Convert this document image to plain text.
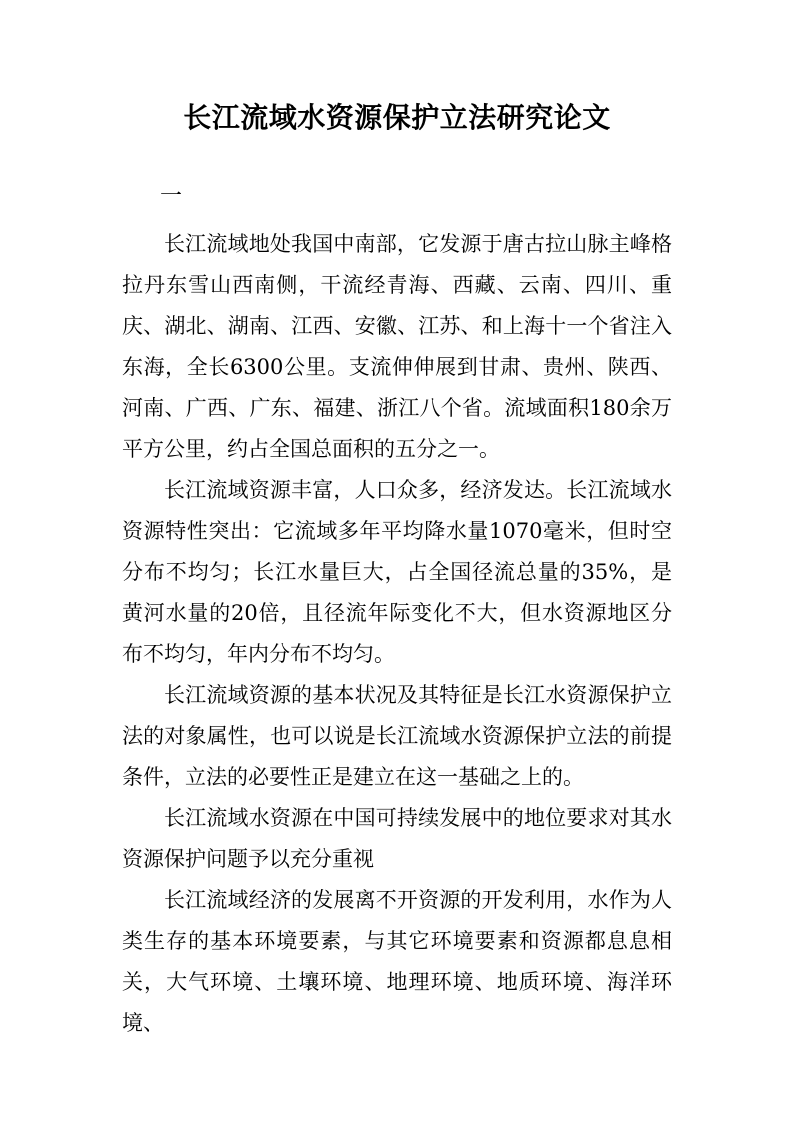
长江流域水资源保护立法研究论文
一

长江流域地处我国中南部，它发源于唐古拉山脉主峰格拉丹东雪山西南侧，干流经青海、西藏、云南、四川、重庆、湖北、湖南、江西、安徽、江苏、和上海十一个省注入东海，全长6300公里。支流伸伸展到甘肃、贵州、陕西、河南、广西、广东、福建、浙江八个省。流域面积180余万平方公里，约占全国总面积的五分之一。

长江流域资源丰富，人口众多，经济发达。长江流域水资源特性突出：它流域多年平均降水量1070毫米，但时空分布不均匀；长江水量巨大，占全国径流总量的35%，是黄河水量的20倍，且径流年际变化不大，但水资源地区分布不均匀，年内分布不均匀。

长江流域资源的基本状况及其特征是长江水资源保护立法的对象属性，也可以说是长江流域水资源保护立法的前提条件，立法的必要性正是建立在这一基础之上的。

长江流域水资源在中国可持续发展中的地位要求对其水资源保护问题予以充分重视

长江流域经济的发展离不开资源的开发利用，水作为人类生存的基本环境要素，与其它环境要素和资源都息息相关，大气环境、土壤环境、地理环境、地质环境、海洋环境、
